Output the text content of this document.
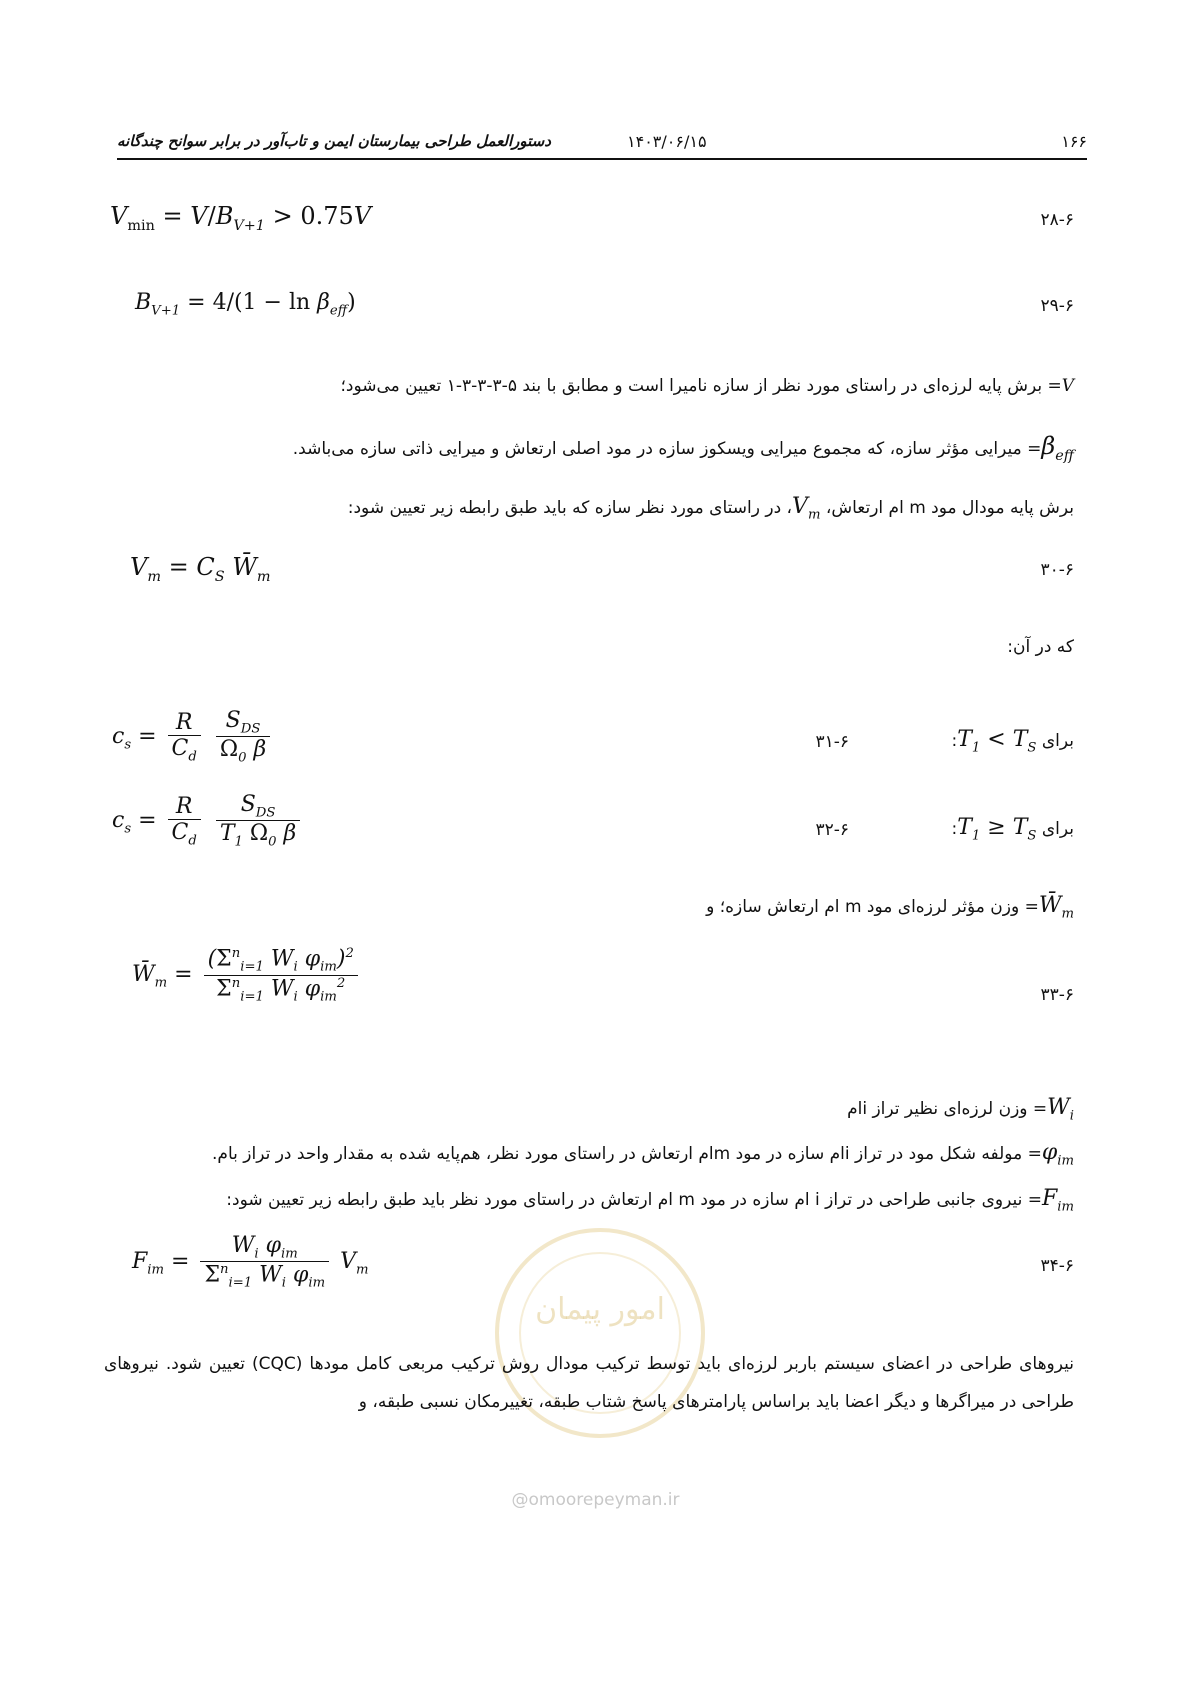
۱۶۶
۱۴۰۳/۰۶/۱۵
دستورالعمل طراحی بیمارستان ایمن و تاب‌آور در برابر سوانح چندگانه
$V_{min} = V/B_{V+1} > 0.75V$	۲۸-۶
$B_{V+1} = 4/(1 - \ln \beta_{eff})$	۲۹-۶
V= برش پایه لرزه‌ای در راستای مورد نظر از سازه نامیرا است و مطابق با بند ۵-۳-۳-۳-۱ تعیین می‌شود؛
$\beta_{eff}=$ میرایی مؤثر سازه، که مجموع میرایی ویسکوز سازه در مود اصلی ارتعاش و میرایی ذاتی سازه می‌باشد.
برش پایه مودال مود m ام ارتعاش، $V_m،$ در راستای مورد نظر سازه که باید طبق رابطه زیر تعیین شود:
$V_m = C_S$ $W̄_m$	۳۰-۶
که در آن:
$c_s = \frac{R}{C_d}$
$\frac{S_{DS}}{\Omega_0 \beta}$	۳۱-۶	برای $T_1 < T_S$:
$c_s = \frac{R}{C_d}$
$\frac{S_{DS}}{T_1 \Omega_0 \beta}$	۳۲-۶	برای $T_1 \ge T_S$:
$W̄_m=$ وزن مؤثر لرزه‌ای مود m ام ارتعاش سازه؛ و
$W̄_m = \frac{(\Sigma^n_{i=1} W_i \varphi_{im})^2}{\Sigma^n_{i=1} W_i \varphi_{im}^2}$	۳۳-۶
$W_i=$ وزن لرزه‌ای نظیر تراز iام
$\varphi_{im}=$ مولفه شکل مود در تراز iام سازه در مود mام ارتعاش در راستای مورد نظر، هم‌پایه شده به مقدار واحد در تراز بام.
$F_{im}=$ نیروی جانبی طراحی در تراز i ام سازه در مود m ام ارتعاش در راستای مورد نظر باید طبق رابطه زیر تعیین شود:
امور پیمان
$F_{im} = \frac{W_i \varphi_{im}}{\Sigma^n_{i=1} W_i \varphi_{im}} V_m$	۳۴-۶
نیروهای طراحی در اعضای سیستم باربر لرزه‌ای باید توسط ترکیب مودال روش ترکیب مربعی کامل مودها (CQC) تعیین شود. نیروهای طراحی در میراگرها و دیگر اعضا باید براساس پارامترهای پاسخ شتاب طبقه، تغییرمکان نسبی طبقه، و
@omoorepeyman.ir
